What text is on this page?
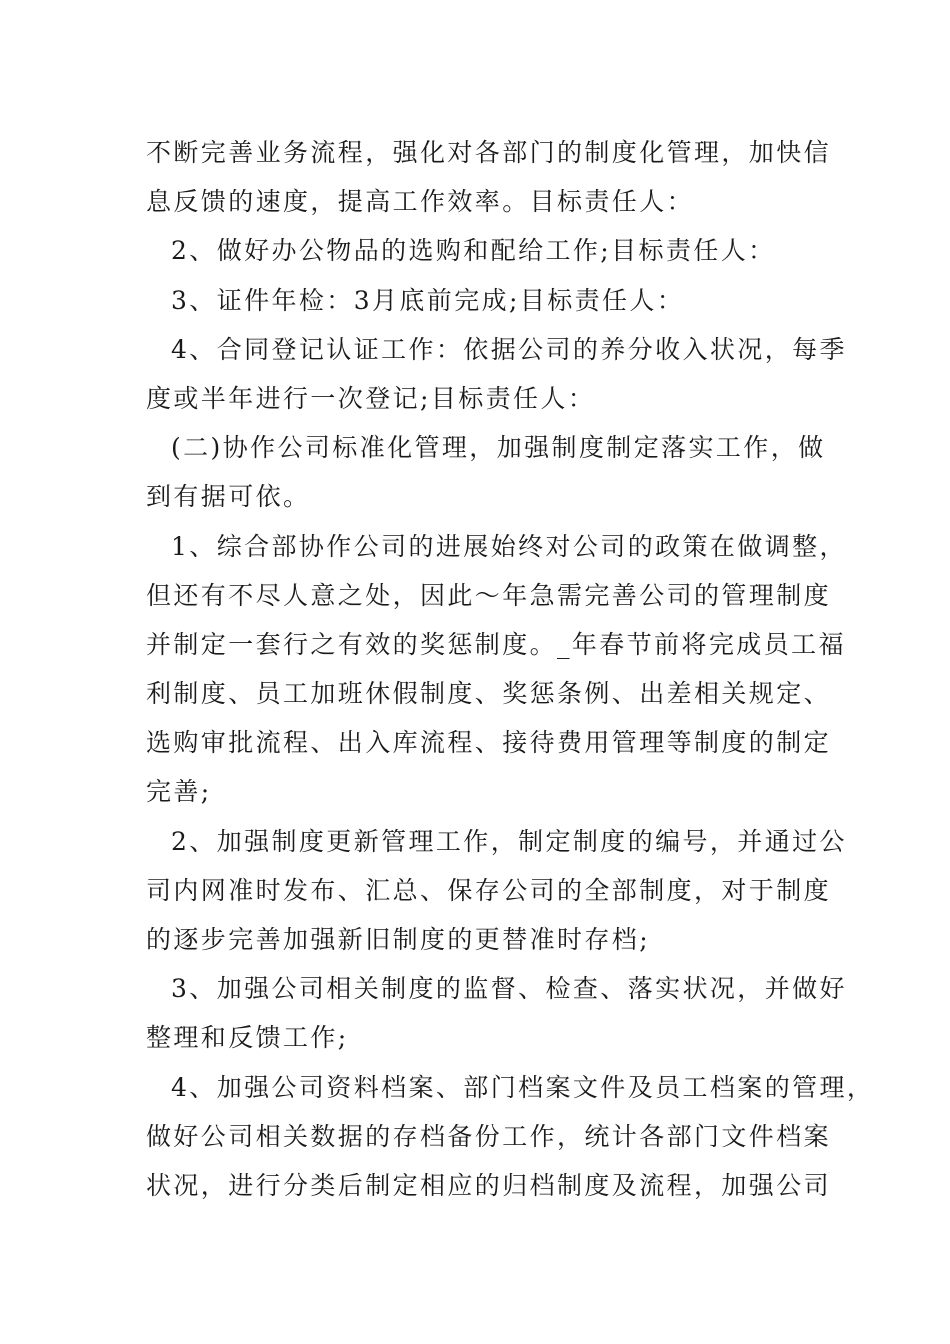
不断完善业务流程，强化对各部门的制度化管理，加快信
息反馈的速度，提高工作效率。目标责任人：
2、做好办公物品的选购和配给工作;目标责任人：
3、证件年检：3月底前完成;目标责任人：
4、合同登记认证工作：依据公司的养分收入状况，每季
度或半年进行一次登记;目标责任人：
(二)协作公司标准化管理，加强制度制定落实工作，做
到有据可依。
1、综合部协作公司的进展始终对公司的政策在做调整，
但还有不尽人意之处，因此～年急需完善公司的管理制度
并制定一套行之有效的奖惩制度。_年春节前将完成员工福
利制度、员工加班休假制度、奖惩条例、出差相关规定、
选购审批流程、出入库流程、接待费用管理等制度的制定
完善;
2、加强制度更新管理工作，制定制度的编号，并通过公
司内网准时发布、汇总、保存公司的全部制度，对于制度
的逐步完善加强新旧制度的更替准时存档;
3、加强公司相关制度的监督、检查、落实状况，并做好
整理和反馈工作;
4、加强公司资料档案、部门档案文件及员工档案的管理，
做好公司相关数据的存档备份工作，统计各部门文件档案
状况，进行分类后制定相应的归档制度及流程，加强公司
